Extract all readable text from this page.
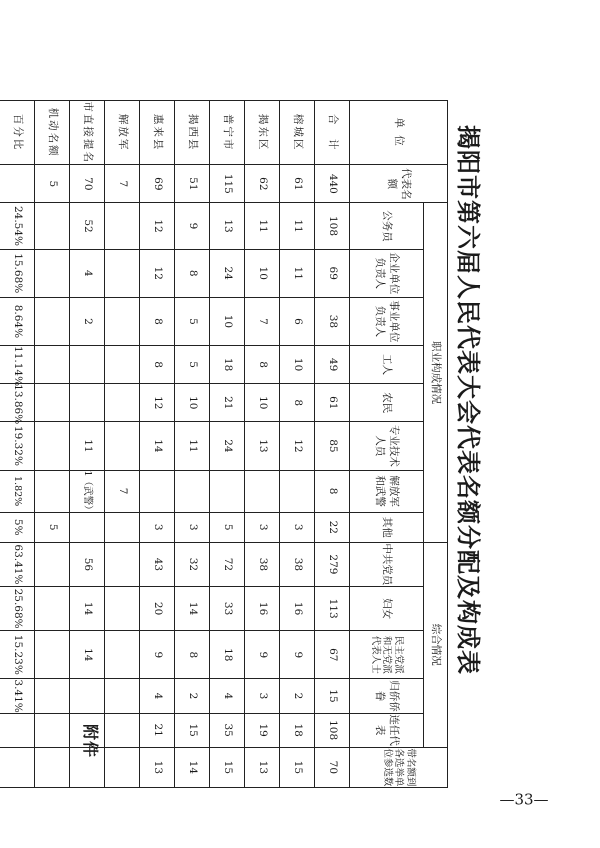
附件
揭阳市第六届人民代表大会代表名额分配及构成表
—33—
单 位	代表名额	职业构成情况								综合情况					带名额到各选举单位参选数
		公务员	企业单位负责人	事业单位负责人	工人	农民	专业技术人员	解放军和武警	其他	中共党员	妇女	民主党派和无党派代表人士	归侨侨眷	连任代表	
合　计	440	108	69	38	49	61	85	8	22	279	113	67	15	108	70
榕城区	61	11	11	6	10	8	12		3	38	16	9	2	18	15
揭东区	62	11	10	7	8	10	13		3	38	16	9	3	19	13
普宁市	115	13	24	10	18	21	24		5	72	33	18	4	35	15
揭西县	51	9	8	5	5	10	11		3	32	14	8	2	15	14
惠来县	69	12	12	8	8	12	14		3	43	20	9	4	21	13
解放军	7							7							
市直接提名	70	52	4	2			11	1（武警）		56	14	14			
机动名额	5								5						
百分比		24.54%	15.68%	8.64%	11.14%	13.86%	19.32%	1.82%	5%	63.41%	25.68%	15.23%	3.41%		
